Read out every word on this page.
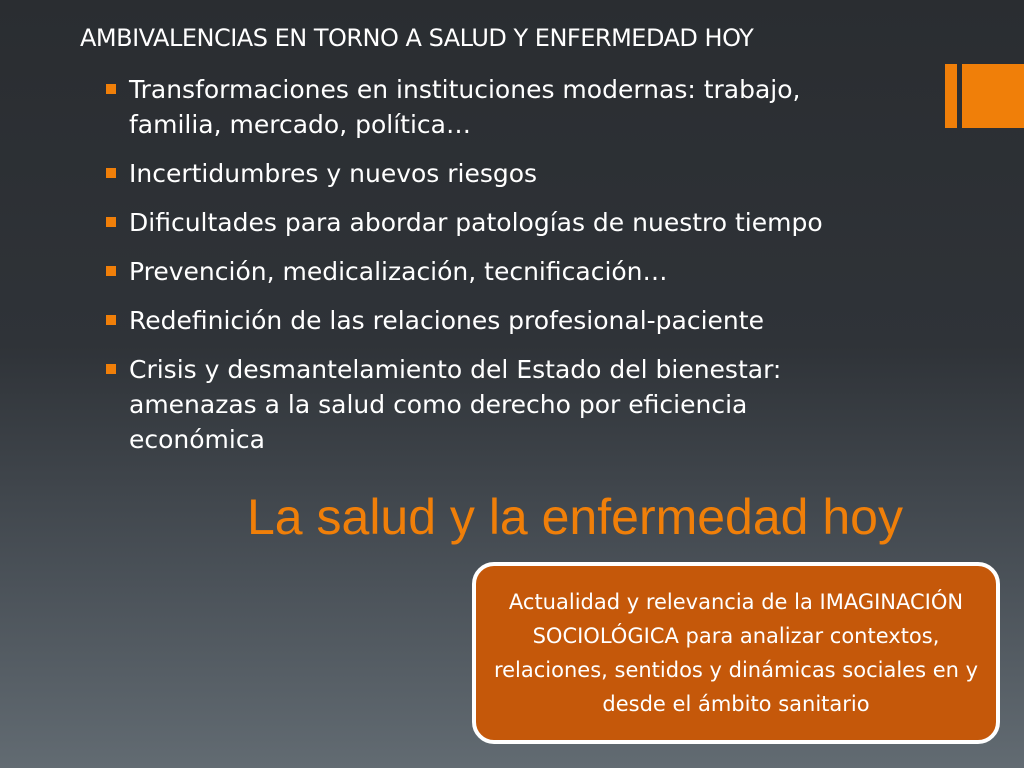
AMBIVALENCIAS EN TORNO A SALUD Y ENFERMEDAD HOY
Transformaciones en instituciones modernas: trabajo, familia, mercado, política…
Incertidumbres y nuevos riesgos
Dificultades para abordar patologías de nuestro tiempo
Prevención, medicalización, tecnificación…
Redefinición de las relaciones profesional-paciente
Crisis y desmantelamiento del Estado del bienestar: amenazas a la salud como derecho por eficiencia económica
La salud y la enfermedad hoy
Actualidad y relevancia de la IMAGINACIÓN SOCIOLÓGICA para analizar contextos, relaciones, sentidos y dinámicas sociales en y desde el ámbito sanitario
